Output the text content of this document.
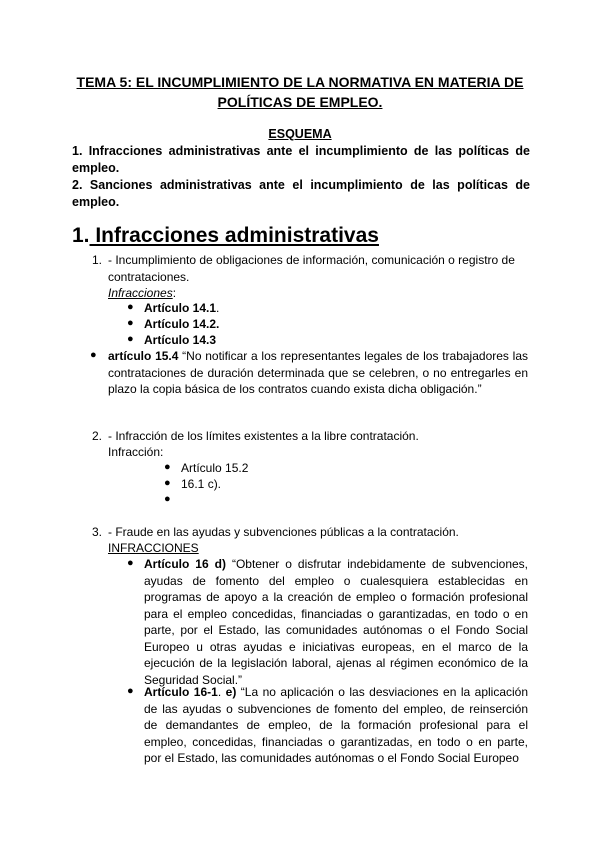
TEMA 5: EL INCUMPLIMIENTO DE LA NORMATIVA EN MATERIA DE
POLÍTICAS DE EMPLEO.
ESQUEMA
1. Infracciones administrativas ante el incumplimiento de las políticas de empleo.
2. Sanciones administrativas ante el incumplimiento de las políticas de empleo.
1. Infracciones administrativas
1. - Incumplimiento de obligaciones de información, comunicación o registro de contrataciones.
Infracciones:
● Artículo 14.1.
● Artículo 14.2.
● Artículo 14.3
● artículo 15.4 “No notificar a los representantes legales de los trabajadores las contrataciones de duración determinada que se celebren, o no entregarles en plazo la copia básica de los contratos cuando exista dicha obligación.”
2. - Infracción de los límites existentes a la libre contratación.
Infracción:
● Artículo 15.2
● 16.1 c).
●
3. - Fraude en las ayudas y subvenciones públicas a la contratación.
INFRACCIONES
● Artículo 16 d) “Obtener o disfrutar indebidamente de subvenciones, ayudas de fomento del empleo o cualesquiera establecidas en programas de apoyo a la creación de empleo o formación profesional para el empleo concedidas, financiadas o garantizadas, en todo o en parte, por el Estado, las comunidades autónomas o el Fondo Social Europeo u otras ayudas e iniciativas europeas, en el marco de la ejecución de la legislación laboral, ajenas al régimen económico de la Seguridad Social.”
● Artículo 16-1. e) “La no aplicación o las desviaciones en la aplicación de las ayudas o subvenciones de fomento del empleo, de reinserción de demandantes de empleo, de la formación profesional para el empleo, concedidas, financiadas o garantizadas, en todo o en parte, por el Estado, las comunidades autónomas o el Fondo Social Europeo
